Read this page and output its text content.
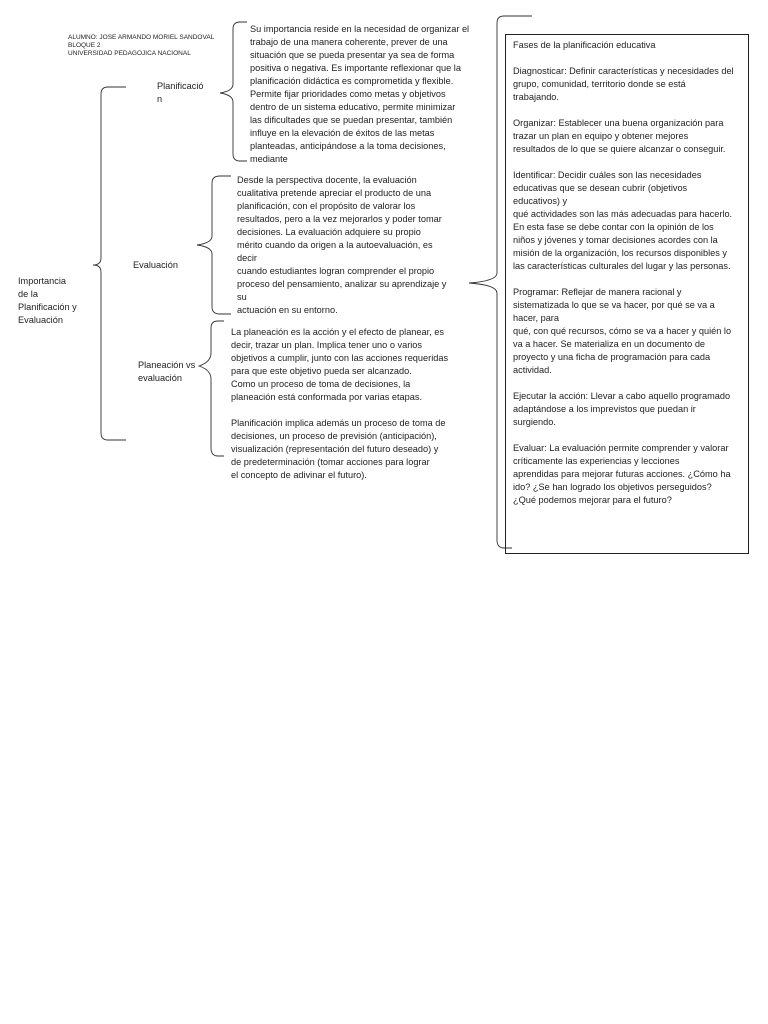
ALUMNO: JOSE ARMANDO MORIEL SANDOVAL
BLOQUE 2
UNIVERSIDAD PEDAGOJICA NACIONAL
Importancia
de la
Planificación y
Evaluación
Planificació
n
Su importancia reside en la necesidad de organizar el
trabajo de una manera coherente, prever de una
situación que se pueda presentar ya sea de forma
positiva o negativa. Es importante reflexionar que la
planificación didáctica es comprometida y flexible.
Permite fijar prioridades como metas y objetivos
dentro de un sistema educativo, permite minimizar
las dificultades que se puedan presentar, también
influye en la elevación de éxitos de las metas
planteadas, anticipándose a la toma decisiones,
mediante
Evaluación
Desde la perspectiva docente, la evaluación
cualitativa pretende apreciar el producto de una
planificación, con el propósito de valorar los
resultados, pero a la vez mejorarlos y poder tomar
decisiones. La evaluación adquiere su propio
mérito cuando da origen a la autoevaluación, es
decir
cuando estudiantes logran comprender el propio
proceso del pensamiento, analizar su aprendizaje y
su
actuación en su entorno.
Planeación vs
evaluación
La planeación es la acción y el efecto de planear, es
decir, trazar un plan. Implica tener uno o varios
objetivos a cumplir, junto con las acciones requeridas
para que este objetivo pueda ser alcanzado.
Como un proceso de toma de decisiones, la
planeación está conformada por varias etapas.

Planificación implica además un proceso de toma de
decisiones, un proceso de previsión (anticipación),
visualización (representación del futuro deseado) y
de predeterminación (tomar acciones para lograr
el concepto de adivinar el futuro).

Fases de la planificación educativa

Diagnosticar: Definir características y necesidades del
grupo, comunidad, territorio donde se está
trabajando.

Organizar: Establecer una buena organización para
trazar un plan en equipo y obtener mejores
resultados de lo que se quiere alcanzar o conseguir.

Identificar: Decidir cuáles son las necesidades
educativas que se desean cubrir (objetivos
educativos) y
qué actividades son las más adecuadas para hacerlo.
En esta fase se debe contar con la opinión de los
niños y jóvenes y tomar decisiones acordes con la
misión de la organización, los recursos disponibles y
las características culturales del lugar y las personas.

Programar: Reflejar de manera racional y
sistematizada lo que se va hacer, por qué se va a
hacer, para
qué, con qué recursos, cómo se va a hacer y quién lo
va a hacer. Se materializa en un documento de
proyecto y una ficha de programación para cada
actividad.

Ejecutar la acción: Llevar a cabo aquello programado
adaptándose a los imprevistos que puedan ir
surgiendo.

Evaluar: La evaluación permite comprender y valorar
críticamente las experiencias y lecciones
aprendidas para mejorar futuras acciones. ¿Cómo ha
ido? ¿Se han logrado los objetivos perseguidos?
¿Qué podemos mejorar para el futuro?
